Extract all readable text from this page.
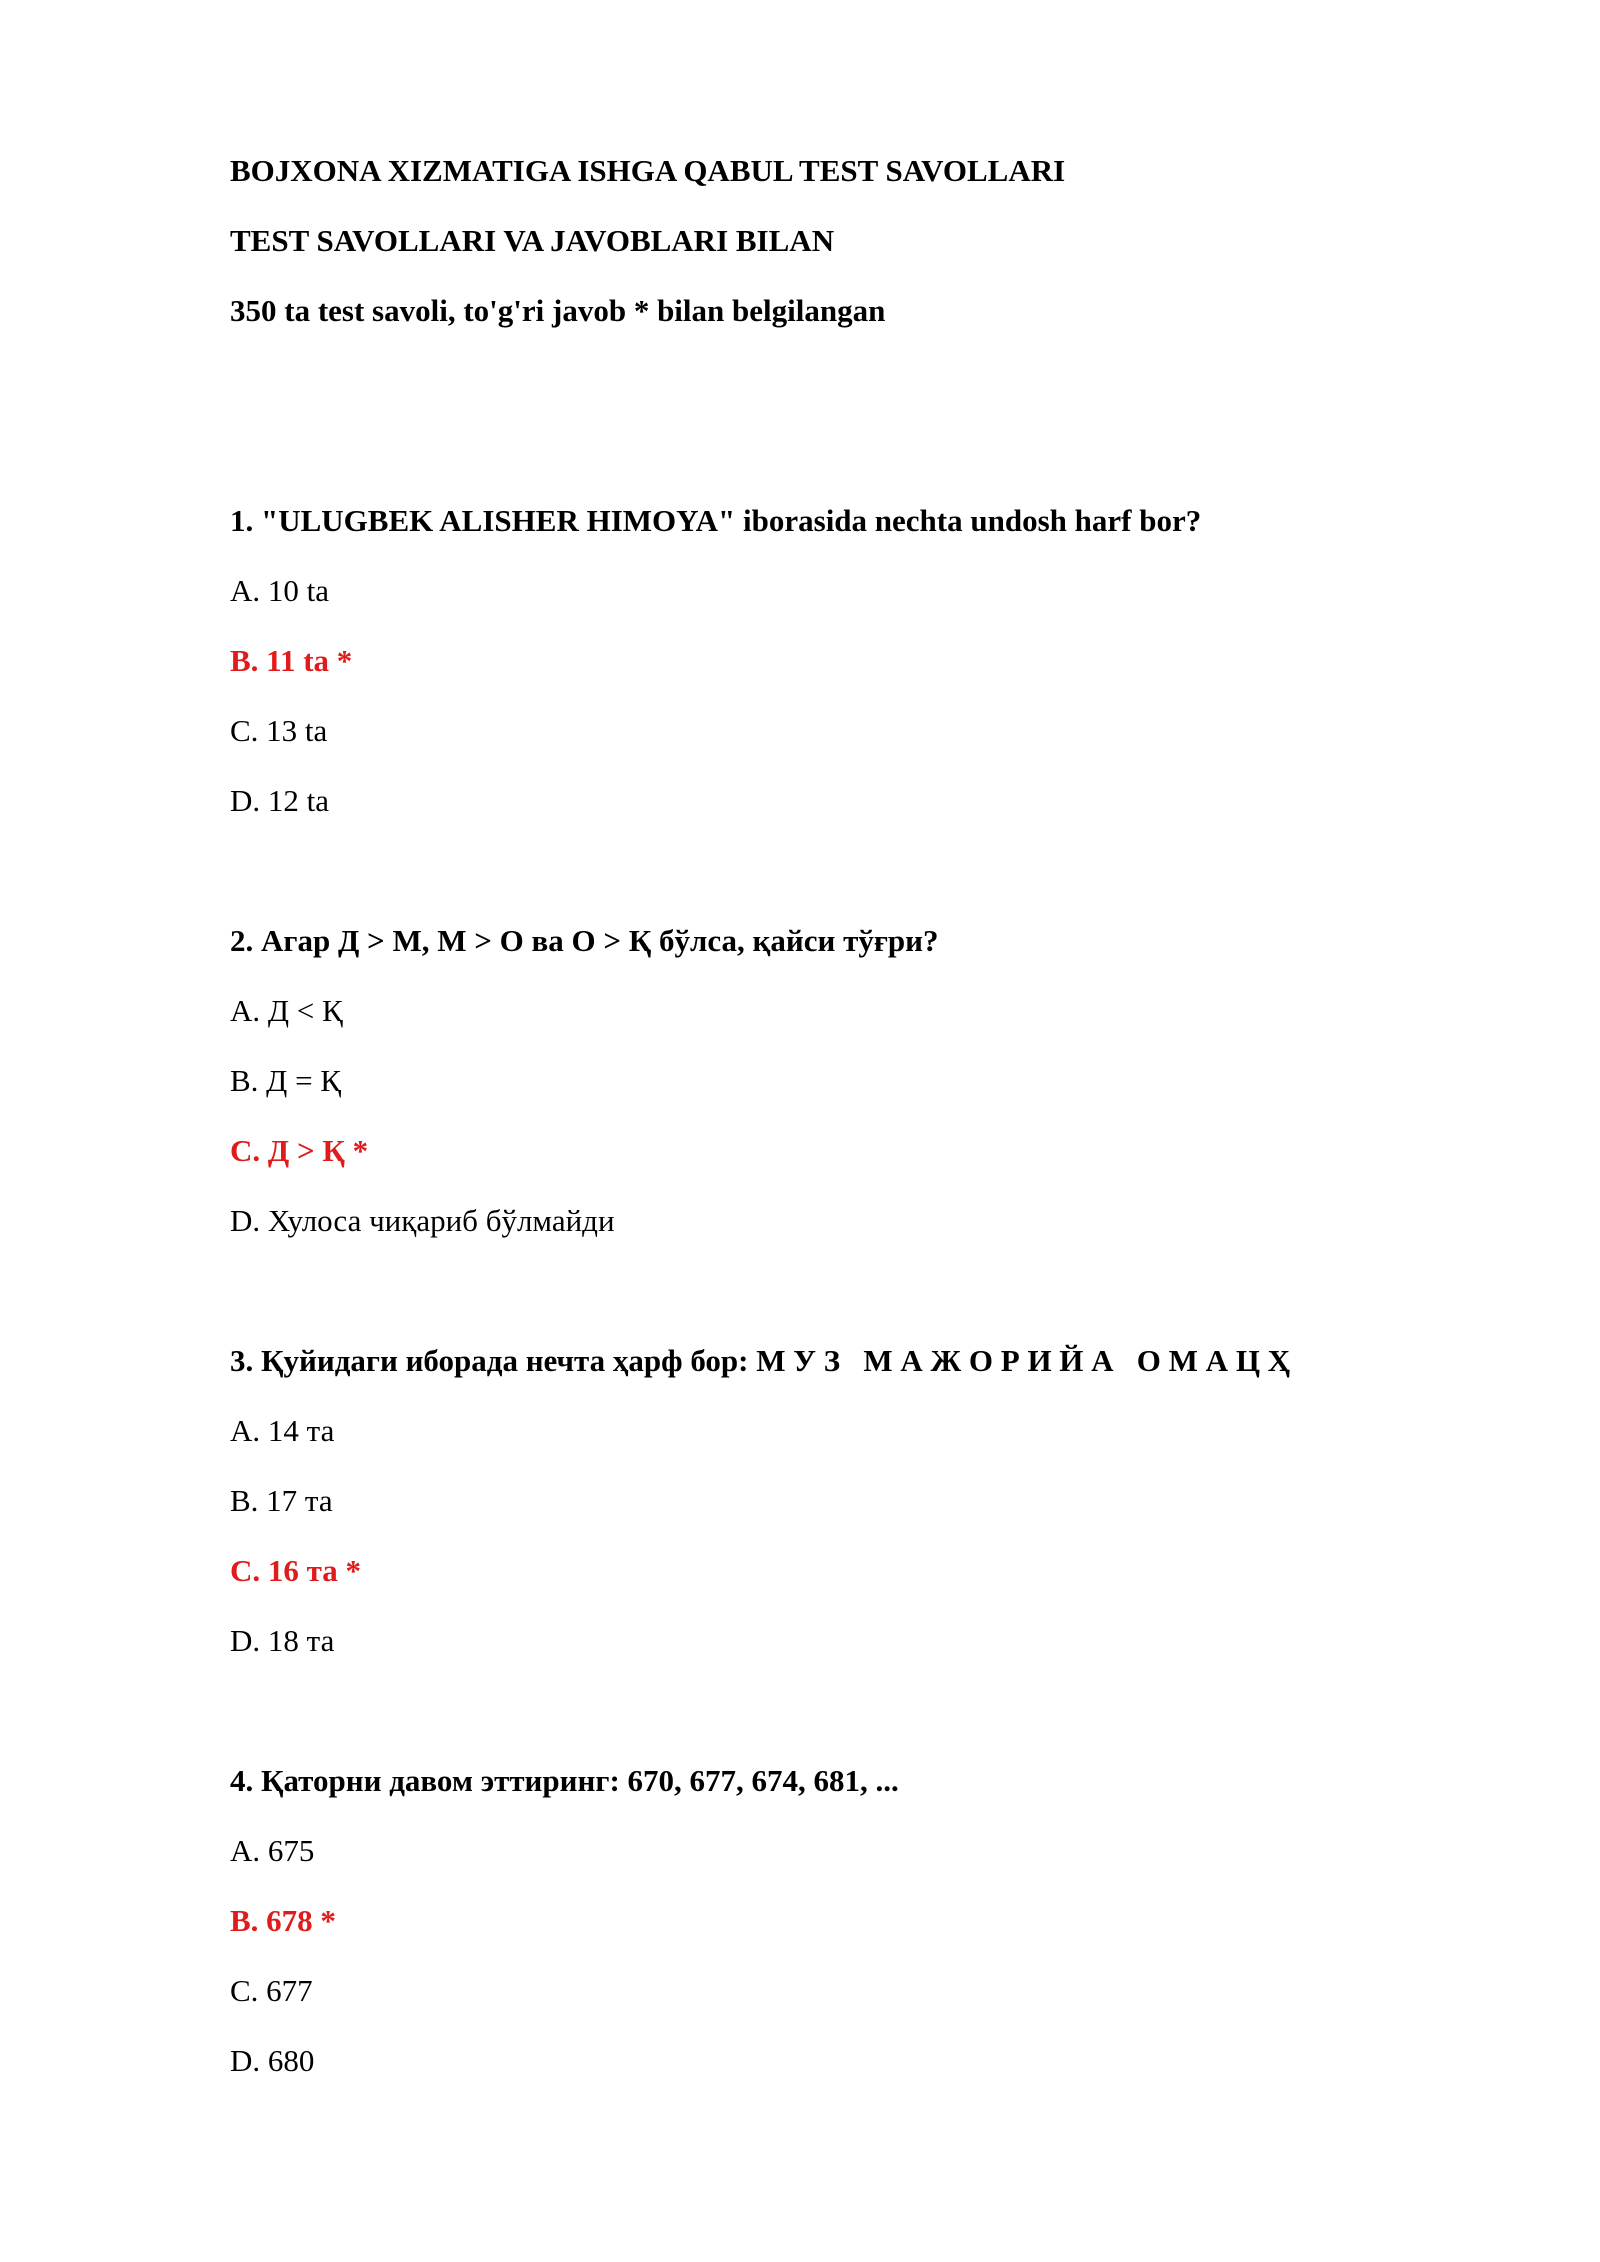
BOJXONA XIZMATIGA ISHGA QABUL TEST SAVOLLARI
TEST SAVOLLARI VA JAVOBLARI BILAN
350 ta test savoli, to'g'ri javob * bilan belgilangan
1. "ULUGBEK ALISHER HIMOYA" iborasida nechta undosh harf bor?
A. 10 ta
B. 11 ta *
C. 13 ta
D. 12 ta
2. Агар Д > М, М > О ва О > Қ бўлса, қайси тўғри?
A. Д < Қ
B. Д = Қ
C. Д > Қ *
D. Хулоса чиқариб бўлмайди
3. Қуйидаги иборада нечта ҳарф бор: М У З   М А Ж О Р И Й А   О М А Ц Ҳ
A. 14 та
B. 17 та
C. 16 та *
D. 18 та
4. Қаторни давом эттиринг: 670, 677, 674, 681, ...
A. 675
B. 678 *
C. 677
D. 680
